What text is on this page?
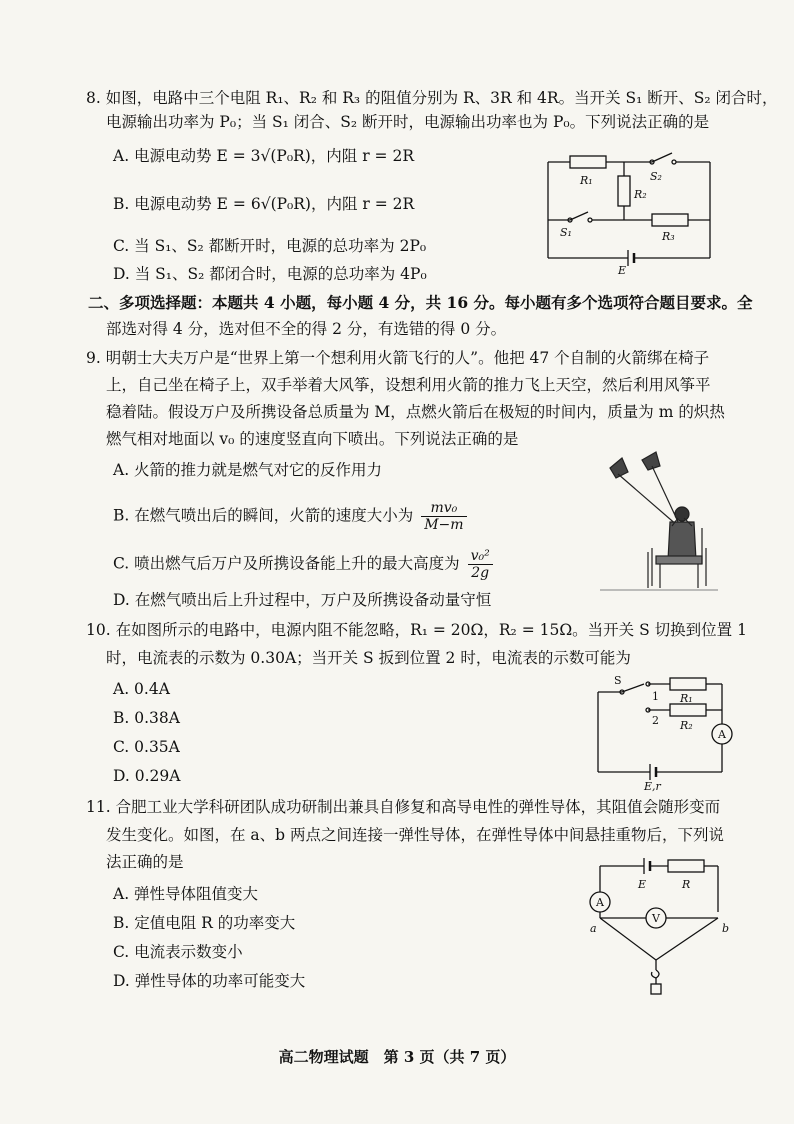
8. 如图，电路中三个电阻 R₁、R₂ 和 R₃ 的阻值分别为 R、3R 和 4R。当开关 S₁ 断开、S₂ 闭合时，
电源输出功率为 P₀；当 S₁ 闭合、S₂ 断开时，电源输出功率也为 P₀。下列说法正确的是
A. 电源电动势 E = 3√(P₀R)，内阻 r = 2R
B. 电源电动势 E = 6√(P₀R)，内阻 r = 2R
C. 当 S₁、S₂ 都断开时，电源的总功率为 2P₀
D. 当 S₁、S₂ 都闭合时，电源的总功率为 4P₀
R₁
R₂
R₃
S₁
S₂
E
二、多项选择题：本题共 4 小题，每小题 4 分，共 16 分。每小题有多个选项符合题目要求。全
部选对得 4 分，选对但不全的得 2 分，有选错的得 0 分。
9. 明朝士大夫万户是“世界上第一个想利用火箭飞行的人”。他把 47 个自制的火箭绑在椅子
上，自己坐在椅子上，双手举着大风筝，设想利用火箭的推力飞上天空，然后利用风筝平
稳着陆。假设万户及所携设备总质量为 M，点燃火箭后在极短的时间内，质量为 m 的炽热
燃气相对地面以 v₀ 的速度竖直向下喷出。下列说法正确的是
A. 火箭的推力就是燃气对它的反作用力
B. 在燃气喷出后的瞬间，火箭的速度大小为 $\frac{\text{mv₀}}{M-m}$
C. 喷出燃气后万户及所携设备能上升的最大高度为 $\frac{\text{v₀²}}{2g}$
D. 在燃气喷出后上升过程中，万户及所携设备动量守恒
10. 在如图所示的电路中，电源内阻不能忽略，R₁ = 20Ω，R₂ = 15Ω。当开关 S 切换到位置 1
时，电流表的示数为 0.30A；当开关 S 扳到位置 2 时，电流表的示数可能为
A. 0.4A
B. 0.38A
C. 0.35A
D. 0.29A
S
1
2
R₁
R₂
A
E,r
11. 合肥工业大学科研团队成功研制出兼具自修复和高导电性的弹性导体，其阻值会随形变而
发生变化。如图，在 a、b 两点之间连接一弹性导体，在弹性导体中间悬挂重物后，下列说
法正确的是
A. 弹性导体阻值变大
B. 定值电阻 R 的功率变大
C. 电流表示数变小
D. 弹性导体的功率可能变大
E	R
A
V
a	b
高二物理试题　第 3 页（共 7 页）
